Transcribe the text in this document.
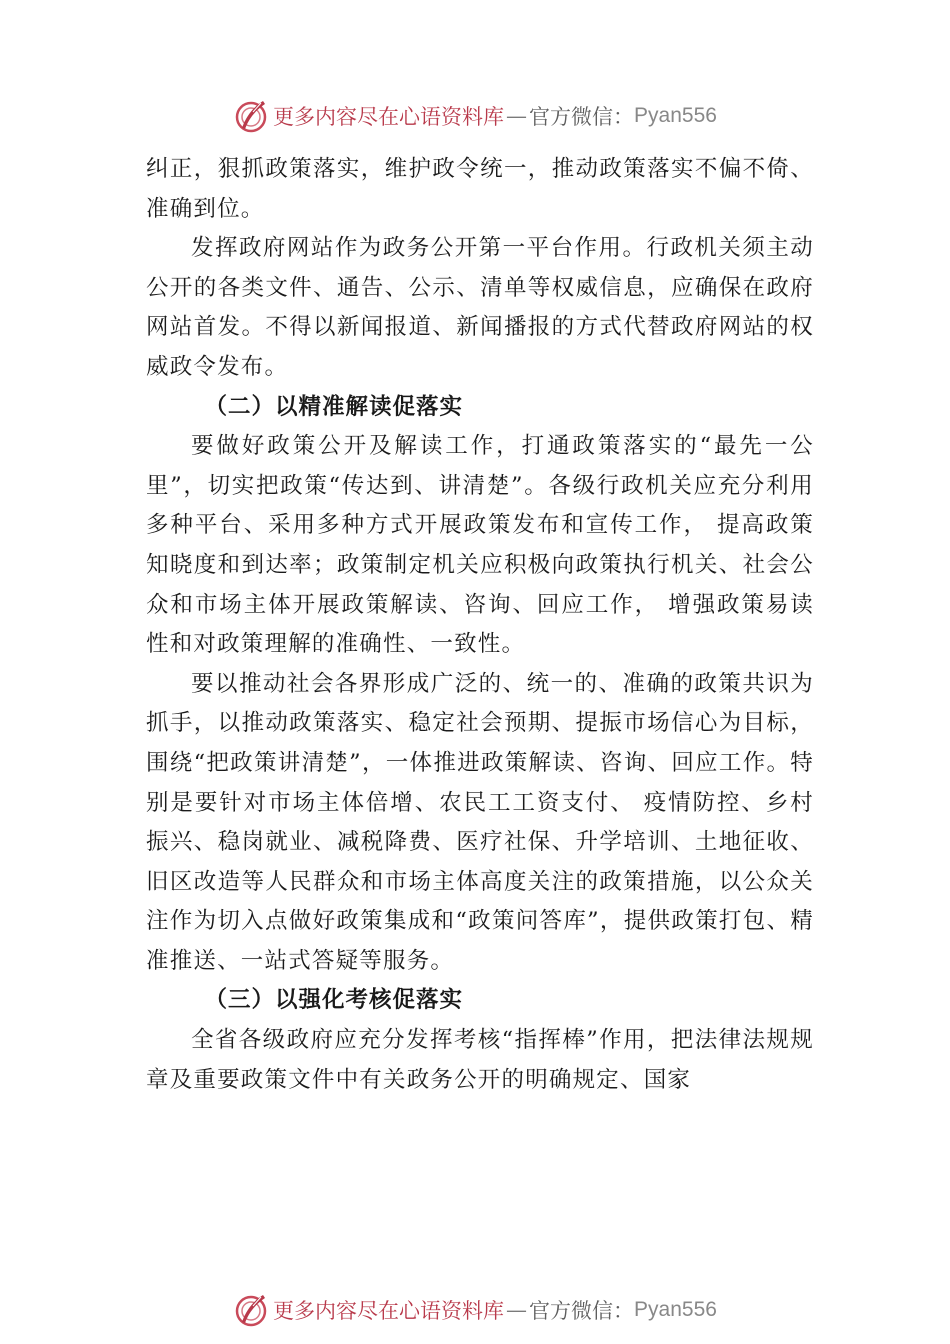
更多内容尽在心语资料库 — 官方微信： Pyan556

纠正，狠抓政策落实，维护政令统一，推动政策落实不偏不倚、准确到位。

发挥政府网站作为政务公开第一平台作用。行政机关须主动公开的各类文件、通告、公示、清单等权威信息，应确保在政府网站首发。不得以新闻报道、新闻播报的方式代替政府网站的权威政令发布。

（二）以精准解读促落实

要做好政策公开及解读工作，打通政策落实的“最先一公里”，切实把政策“传达到、讲清楚”。各级行政机关应充分利用多种平台、采用多种方式开展政策发布和宣传工作， 提高政策知晓度和到达率；政策制定机关应积极向政策执行机关、社会公众和市场主体开展政策解读、咨询、回应工作， 增强政策易读性和对政策理解的准确性、一致性。

要以推动社会各界形成广泛的、统一的、准确的政策共识为抓手，以推动政策落实、稳定社会预期、提振市场信心为目标，围绕“把政策讲清楚”，一体推进政策解读、咨询、回应工作。特别是要针对市场主体倍增、农民工工资支付、 疫情防控、乡村振兴、稳岗就业、减税降费、医疗社保、升学培训、土地征收、旧区改造等人民群众和市场主体高度关注的政策措施，以公众关注作为切入点做好政策集成和“政策问答库”，提供政策打包、精准推送、一站式答疑等服务。

（三）以强化考核促落实

全省各级政府应充分发挥考核“指挥棒”作用，把法律法规规章及重要政策文件中有关政务公开的明确规定、国家

更多内容尽在心语资料库 — 官方微信： Pyan556
